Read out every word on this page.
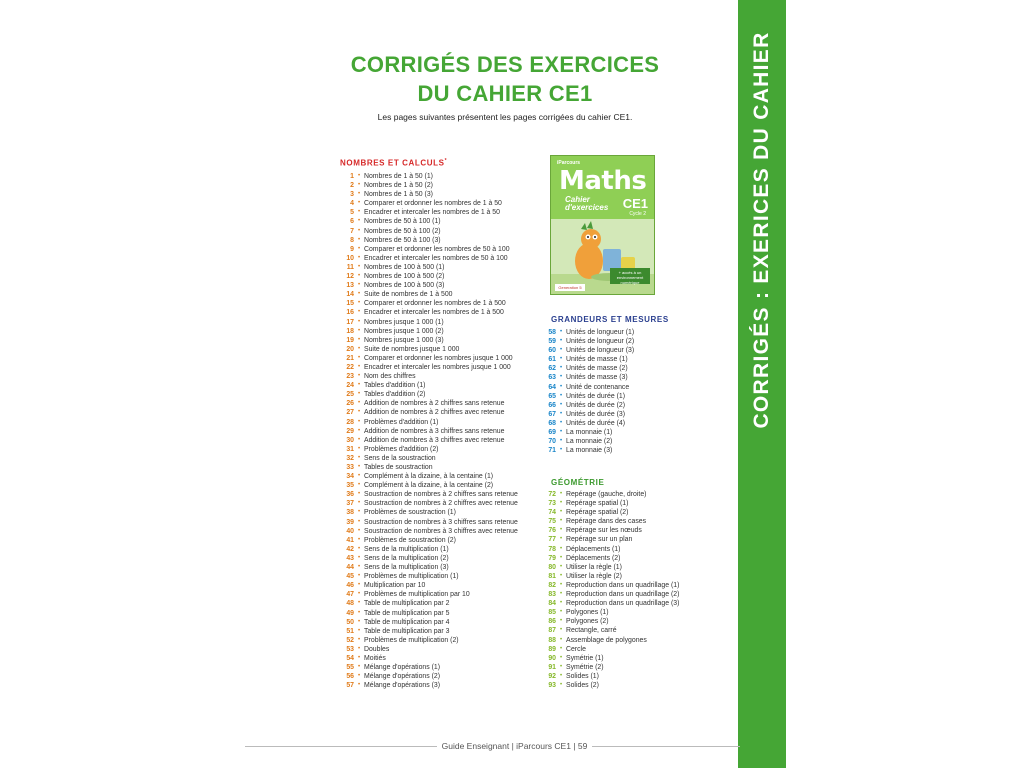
CORRIGÉS DES EXERCICES
DU CAHIER CE1
Les pages suivantes présentent les pages corrigées du cahier CE1.
NOMBRES ET CALCULS*
1 • Nombres de 1 à 50 (1)
2 • Nombres de 1 à 50 (2)
3 • Nombres de 1 à 50 (3)
4 • Comparer et ordonner les nombres de 1 à 50
5 • Encadrer et intercaler les nombres de 1 à 50
6 • Nombres de 50 à 100 (1)
7 • Nombres de 50 à 100 (2)
8 • Nombres de 50 à 100 (3)
9 • Comparer et ordonner les nombres de 50 à 100
10 • Encadrer et intercaler les nombres de 50 à 100
11 • Nombres de 100 à 500 (1)
12 • Nombres de 100 à 500 (2)
13 • Nombres de 100 à 500 (3)
14 • Suite de nombres de 1 à 500
15 • Comparer et ordonner les nombres de 1 à 500
16 • Encadrer et intercaler les nombres de 1 à 500
17 • Nombres jusque 1 000 (1)
18 • Nombres jusque 1 000 (2)
19 • Nombres jusque 1 000 (3)
20 • Suite de nombres jusque 1 000
21 • Comparer et ordonner les nombres jusque 1 000
22 • Encadrer et intercaler les nombres jusque 1 000
23 • Nom des chiffres
24 • Tables d'addition (1)
25 • Tables d'addition (2)
26 • Addition de nombres à 2 chiffres sans retenue
27 • Addition de nombres à 2 chiffres avec retenue
28 • Problèmes d'addition (1)
29 • Addition de nombres à 3 chiffres sans retenue
30 • Addition de nombres à 3 chiffres avec retenue
31 • Problèmes d'addition (2)
32 • Sens de la soustraction
33 • Tables de soustraction
34 • Complément à la dizaine, à la centaine (1)
35 • Complément à la dizaine, à la centaine (2)
36 • Soustraction de nombres à 2 chiffres sans retenue
37 • Soustraction de nombres à 2 chiffres avec retenue
38 • Problèmes de soustraction (1)
39 • Soustraction de nombres à 3 chiffres sans retenue
40 • Soustraction de nombres à 3 chiffres avec retenue
41 • Problèmes de soustraction (2)
42 • Sens de la multiplication (1)
43 • Sens de la multiplication (2)
44 • Sens de la multiplication (3)
45 • Problèmes de multiplication (1)
46 • Multiplication par 10
47 • Problèmes de multiplication par 10
48 • Table de multiplication par 2
49 • Table de multiplication par 5
50 • Table de multiplication par 4
51 • Table de multiplication par 3
52 • Problèmes de multiplication (2)
53 • Doubles
54 • Moitiés
55 • Mélange d'opérations (1)
56 • Mélange d'opérations (2)
57 • Mélange d'opérations (3)
iParcours
Maths
Cahier
d'exercices CE1
Cycle 2
+ accès à un
environnement
numérique
Generation 5
GRANDEURS ET MESURES
58 • Unités de longueur (1)
59 • Unités de longueur (2)
60 • Unités de longueur (3)
61 • Unités de masse (1)
62 • Unités de masse (2)
63 • Unités de masse (3)
64 • Unité de contenance
65 • Unités de durée (1)
66 • Unités de durée (2)
67 • Unités de durée (3)
68 • Unités de durée (4)
69 • La monnaie (1)
70 • La monnaie (2)
71 • La monnaie (3)
GÉOMÉTRIE
72 • Repérage (gauche, droite)
73 • Repérage spatial (1)
74 • Repérage spatial (2)
75 • Repérage dans des cases
76 • Repérage sur les nœuds
77 • Repérage sur un plan
78 • Déplacements (1)
79 • Déplacements (2)
80 • Utiliser la règle (1)
81 • Utiliser la règle (2)
82 • Reproduction dans un quadrillage (1)
83 • Reproduction dans un quadrillage (2)
84 • Reproduction dans un quadrillage (3)
85 • Polygones (1)
86 • Polygones (2)
87 • Rectangle, carré
88 • Assemblage de polygones
89 • Cercle
90 • Symétrie (1)
91 • Symétrie (2)
92 • Solides (1)
93 • Solides (2)
CORRIGÉS : EXERICES DU CAHIER
Guide Enseignant | iParcours CE1 | 59
